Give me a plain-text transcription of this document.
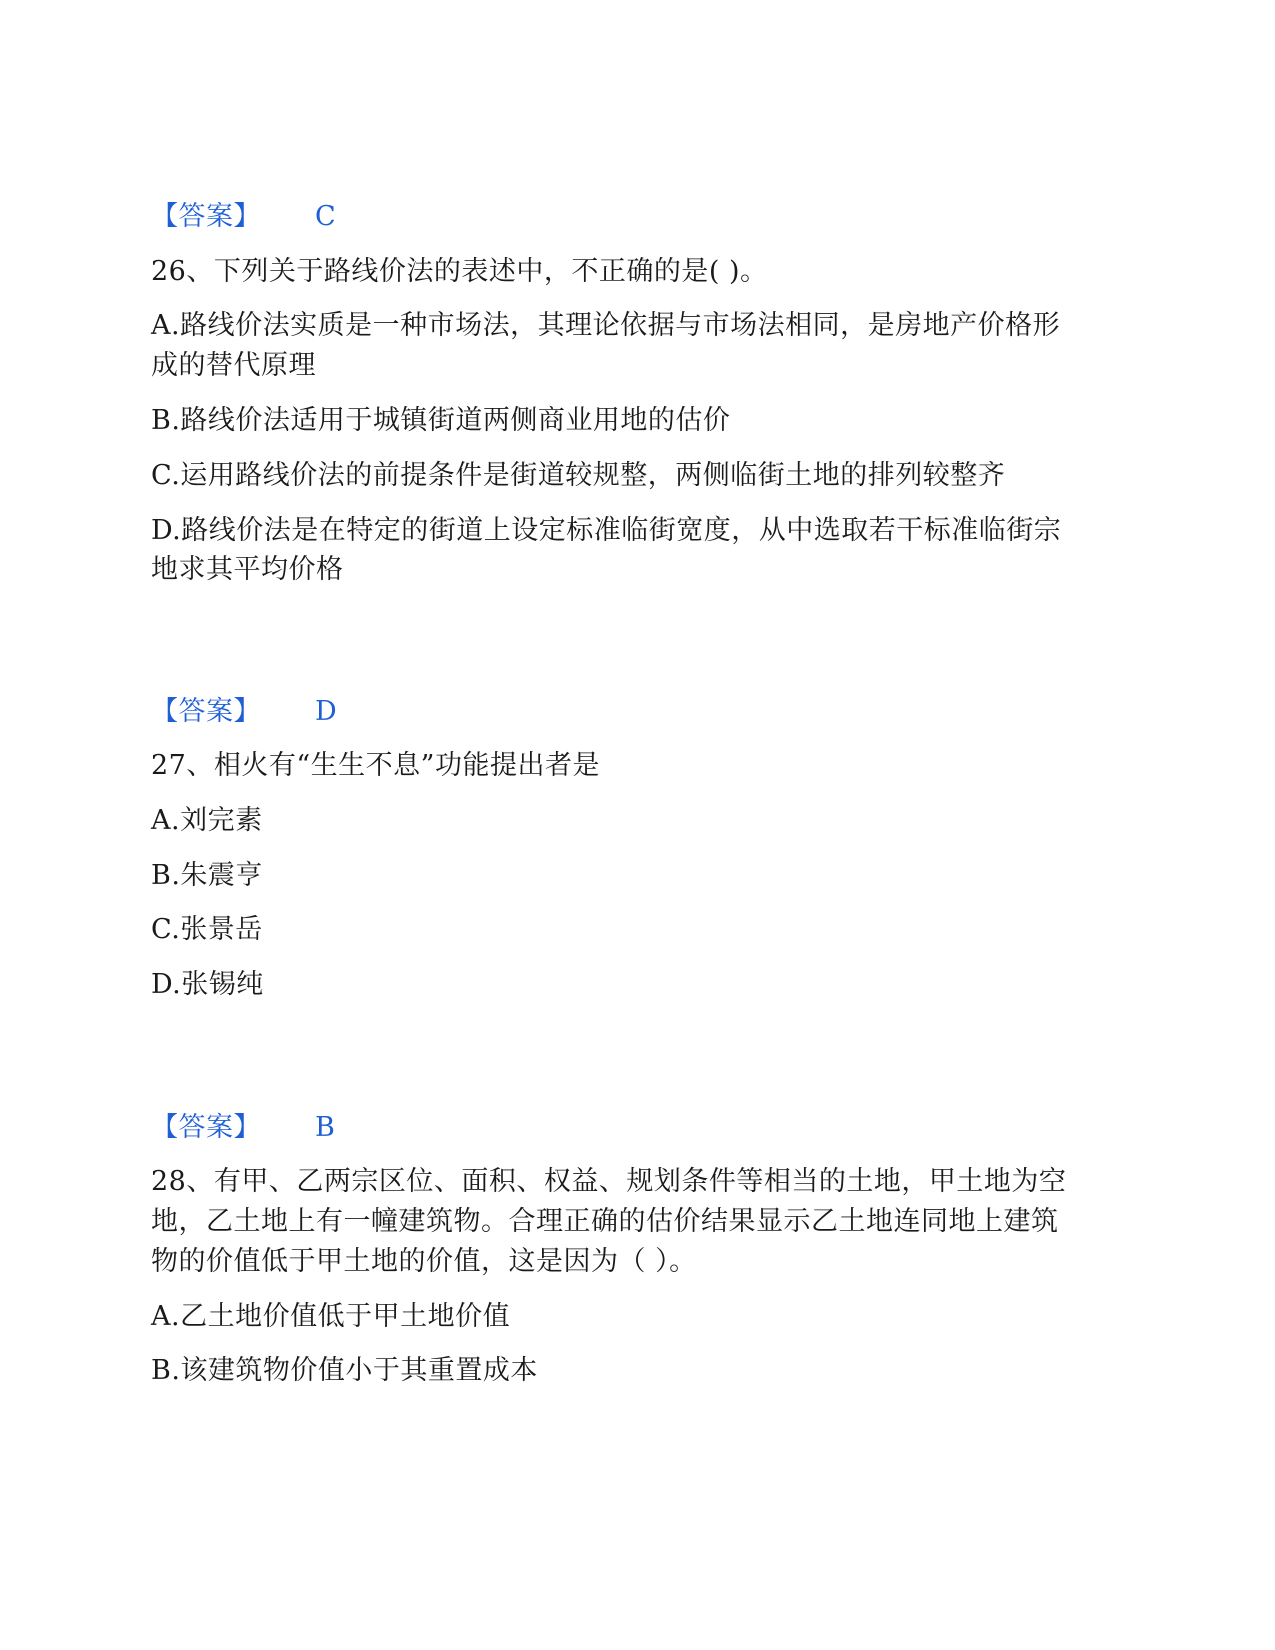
【答案】 C
26、下列关于路线价法的表述中，不正确的是( )。
A.路线价法实质是一种市场法，其理论依据与市场法相同，是房地产价格形
成的替代原理
B.路线价法适用于城镇街道两侧商业用地的估价
C.运用路线价法的前提条件是街道较规整，两侧临街土地的排列较整齐
D.路线价法是在特定的街道上设定标准临街宽度，从中选取若干标准临街宗
地求其平均价格
【答案】 D
27、相火有“生生不息”功能提出者是
A.刘完素
B.朱震亨
C.张景岳
D.张锡纯
【答案】 B
28、有甲、乙两宗区位、面积、权益、规划条件等相当的土地，甲土地为空
地，乙土地上有一幢建筑物。合理正确的估价结果显示乙土地连同地上建筑
物的价值低于甲土地的价值，这是因为（ ）。
A.乙土地价值低于甲土地价值
B.该建筑物价值小于其重置成本
